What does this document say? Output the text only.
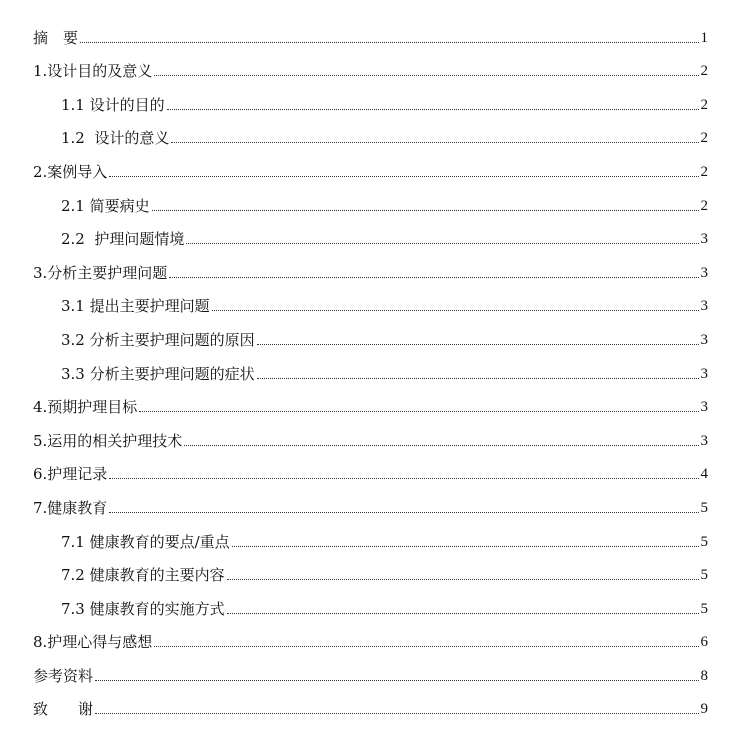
摘　要	1
1.设计目的及意义	2
1.1 设计的目的	2
1.2  设计的意义	2
2.案例导入	2
2.1 简要病史	2
2.2  护理问题情境	3
3.分析主要护理问题	3
3.1 提出主要护理问题	3
3.2 分析主要护理问题的原因	3
3.3 分析主要护理问题的症状	3
4.预期护理目标	3
5.运用的相关护理技术	3
6.护理记录	4
7.健康教育	5
7.1 健康教育的要点/重点	5
7.2 健康教育的主要内容	5
7.3 健康教育的实施方式	5
8.护理心得与感想	6
参考资料	8
致　　谢	9
